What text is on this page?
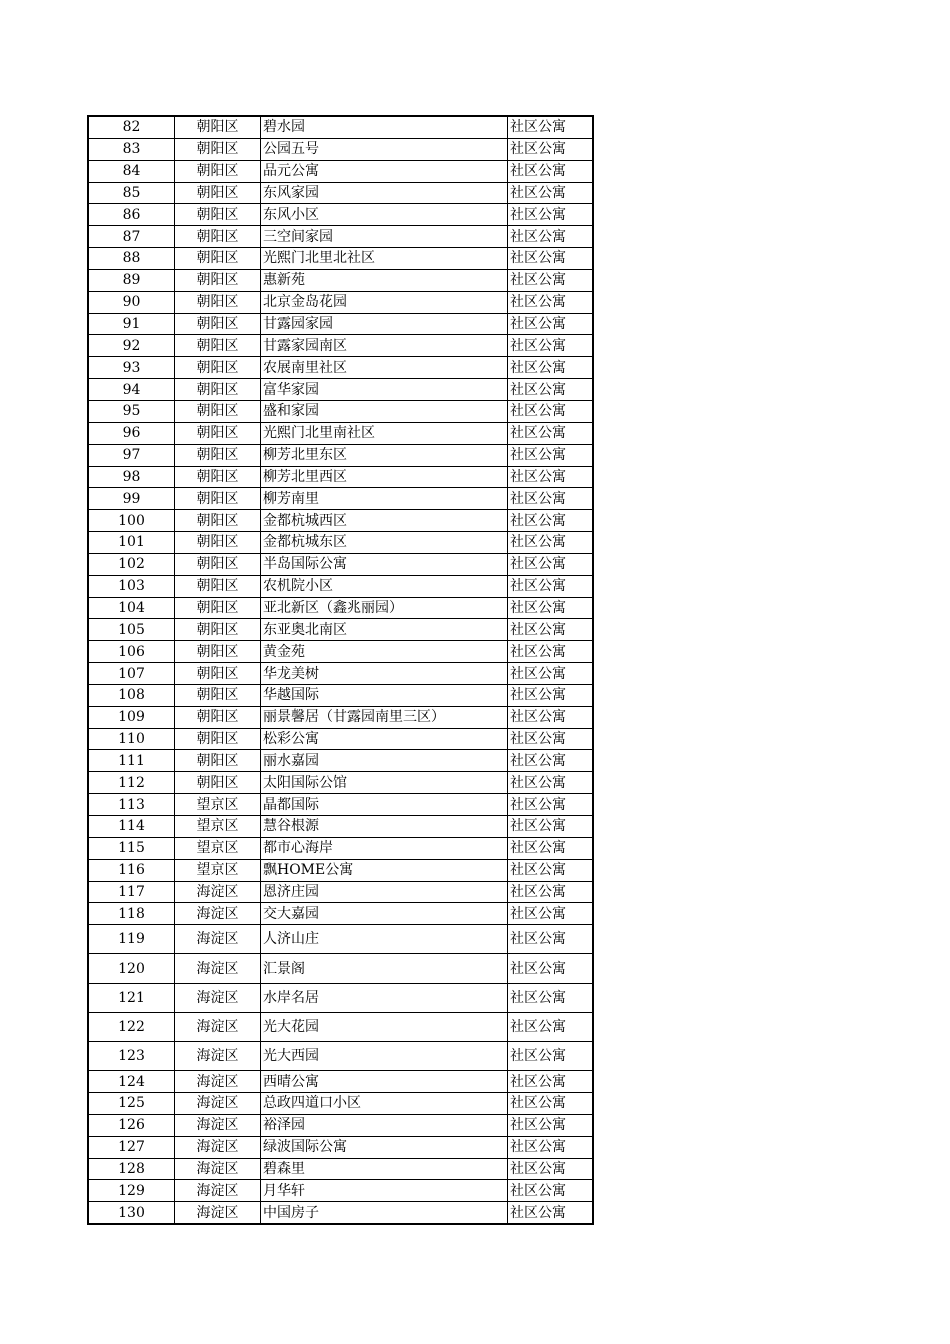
82	朝阳区	碧水园	社区公寓
83	朝阳区	公园五号	社区公寓
84	朝阳区	品元公寓	社区公寓
85	朝阳区	东风家园	社区公寓
86	朝阳区	东风小区	社区公寓
87	朝阳区	三空间家园	社区公寓
88	朝阳区	光熙门北里北社区	社区公寓
89	朝阳区	惠新苑	社区公寓
90	朝阳区	北京金岛花园	社区公寓
91	朝阳区	甘露园家园	社区公寓
92	朝阳区	甘露家园南区	社区公寓
93	朝阳区	农展南里社区	社区公寓
94	朝阳区	富华家园	社区公寓
95	朝阳区	盛和家园	社区公寓
96	朝阳区	光熙门北里南社区	社区公寓
97	朝阳区	柳芳北里东区	社区公寓
98	朝阳区	柳芳北里西区	社区公寓
99	朝阳区	柳芳南里	社区公寓
100	朝阳区	金都杭城西区	社区公寓
101	朝阳区	金都杭城东区	社区公寓
102	朝阳区	半岛国际公寓	社区公寓
103	朝阳区	农机院小区	社区公寓
104	朝阳区	亚北新区（鑫兆丽园）	社区公寓
105	朝阳区	东亚奥北南区	社区公寓
106	朝阳区	黄金苑	社区公寓
107	朝阳区	华龙美树	社区公寓
108	朝阳区	华越国际	社区公寓
109	朝阳区	丽景馨居（甘露园南里三区）	社区公寓
110	朝阳区	松彩公寓	社区公寓
111	朝阳区	丽水嘉园	社区公寓
112	朝阳区	太阳国际公馆	社区公寓
113	望京区	晶都国际	社区公寓
114	望京区	慧谷根源	社区公寓
115	望京区	都市心海岸	社区公寓
116	望京区	飘HOME公寓	社区公寓
117	海淀区	恩济庄园	社区公寓
118	海淀区	交大嘉园	社区公寓
119	海淀区	人济山庄	社区公寓
120	海淀区	汇景阁	社区公寓
121	海淀区	水岸名居	社区公寓
122	海淀区	光大花园	社区公寓
123	海淀区	光大西园	社区公寓
124	海淀区	西晴公寓	社区公寓
125	海淀区	总政四道口小区	社区公寓
126	海淀区	裕泽园	社区公寓
127	海淀区	绿波国际公寓	社区公寓
128	海淀区	碧森里	社区公寓
129	海淀区	月华轩	社区公寓
130	海淀区	中国房子	社区公寓
